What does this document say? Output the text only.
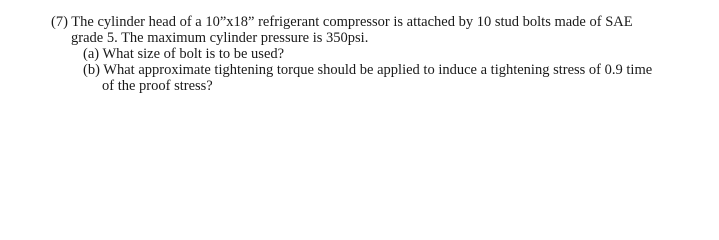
(7) The cylinder head of a 10”x18” refrigerant compressor is attached by 10 stud bolts made of SAE
grade 5. The maximum cylinder pressure is 350psi.
(a) What size of bolt is to be used?
(b) What approximate tightening torque should be applied to induce a tightening stress of 0.9 time
of the proof stress?
